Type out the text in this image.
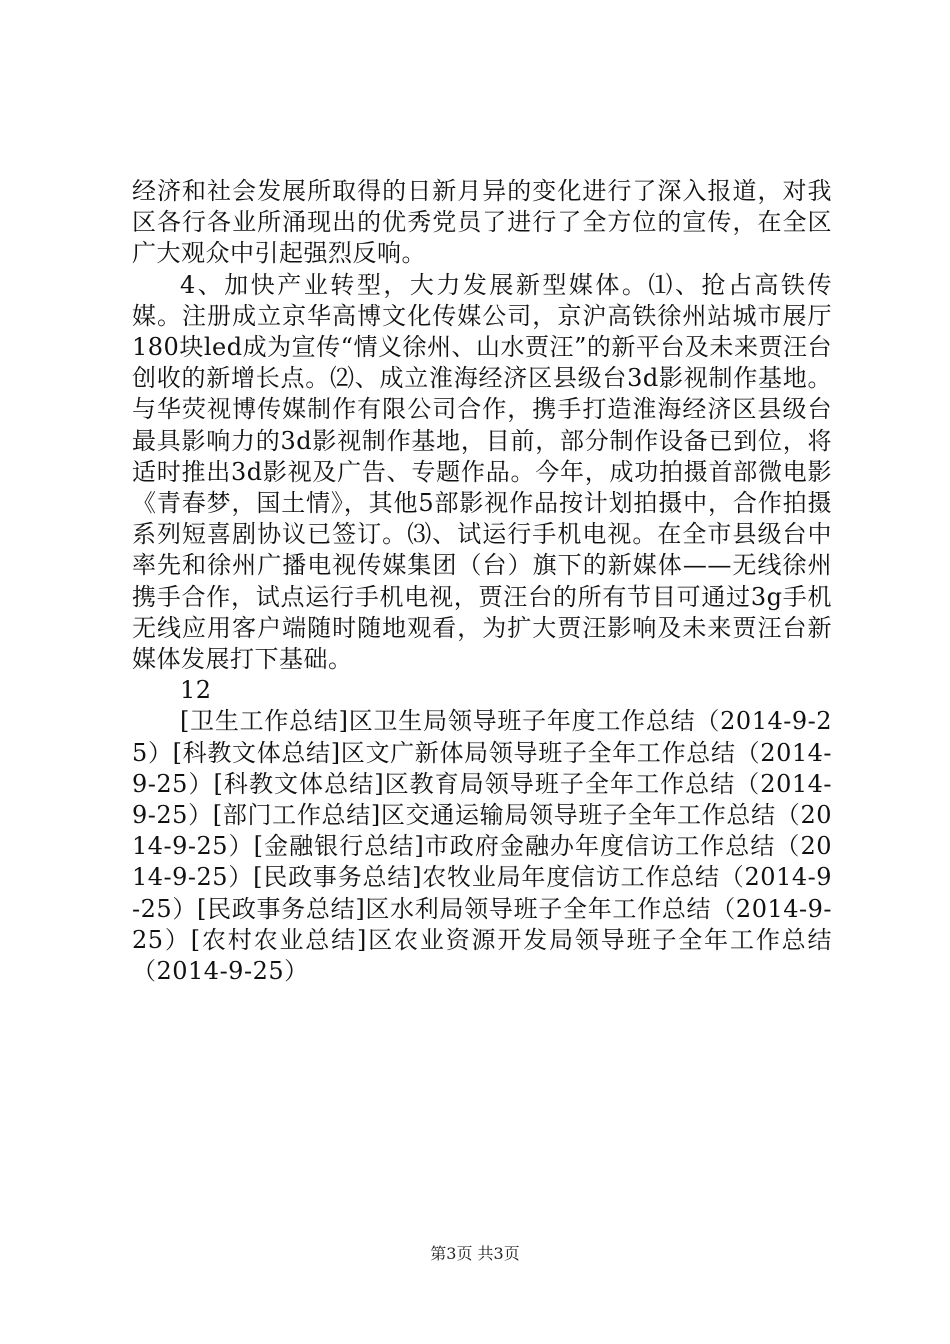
经济和社会发展所取得的日新月异的变化进行了深入报道，对我区各行各业所涌现出的优秀党员了进行了全方位的宣传，在全区广大观众中引起强烈反响。

4、加快产业转型，大力发展新型媒体。⑴、抢占高铁传媒。注册成立京华高博文化传媒公司，京沪高铁徐州站城市展厅180块led成为宣传“情义徐州、山水贾汪”的新平台及未来贾汪台创收的新增长点。⑵、成立淮海经济区县级台3d影视制作基地。与华荧视博传媒制作有限公司合作，携手打造淮海经济区县级台最具影响力的3d影视制作基地，目前，部分制作设备已到位，将适时推出3d影视及广告、专题作品。今年，成功拍摄首部微电影《青春梦，国土情》，其他5部影视作品按计划拍摄中，合作拍摄系列短喜剧协议已签订。⑶、试运行手机电视。在全市县级台中率先和徐州广播电视传媒集团（台）旗下的新媒体——无线徐州携手合作，试点运行手机电视，贾汪台的所有节目可通过3g手机无线应用客户端随时随地观看，为扩大贾汪影响及未来贾汪台新媒体发展打下基础。

12

[卫生工作总结]区卫生局领导班子年度工作总结（2014-9-25）[科教文体总结]区文广新体局领导班子全年工作总结（2014-9-25）[科教文体总结]区教育局领导班子全年工作总结（2014-9-25）[部门工作总结]区交通运输局领导班子全年工作总结（2014-9-25）[金融银行总结]市政府金融办年度信访工作总结（2014-9-25）[民政事务总结]农牧业局年度信访工作总结（2014-9-25）[民政事务总结]区水利局领导班子全年工作总结（2014-9-25）[农村农业总结]区农业资源开发局领导班子全年工作总结（2014-9-25）

第3页 共3页
